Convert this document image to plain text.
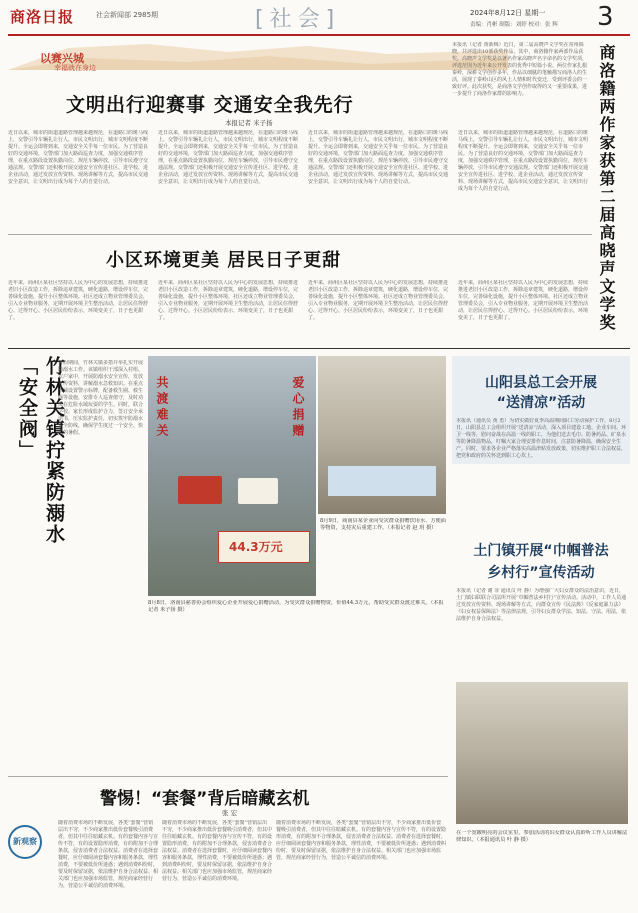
商洛日报	社会新闻部 2985期	[社会]	2024年8月12日 星期一
责编：肖彬 制版：刘婷 校对：张 辉 3
以赛兴城
幸福就在身边
文明出行迎赛事 交通安全我先行
本报记者 米子扬
近日以来，城市的街道道路管理越来越规范，在道路口的斑马线上，交警引导车辆礼让行人，市民文明出行，城市文明程度不断提升。全运会即将到来，交通安全关乎每一位市民。为了营造良好的交通环境，交警部门加大路面巡查力度，加强交通秩序管理，在重点路段设置执勤岗位，规范车辆停放，引导市民遵守交通法规。交警部门还积极开展交通安全宣传进社区、进学校、进企业活动，通过发放宣传资料、现场讲解等方式，提高市民交通安全意识，让文明出行成为每个人的自觉行动。
近日以来，城市的街道道路管理越来越规范，在道路口的斑马线上，交警引导车辆礼让行人，市民文明出行，城市文明程度不断提升。全运会即将到来，交通安全关乎每一位市民。为了营造良好的交通环境，交警部门加大路面巡查力度，加强交通秩序管理，在重点路段设置执勤岗位，规范车辆停放，引导市民遵守交通法规。交警部门还积极开展交通安全宣传进社区、进学校、进企业活动，通过发放宣传资料、现场讲解等方式，提高市民交通安全意识，让文明出行成为每个人的自觉行动。
近日以来，城市的街道道路管理越来越规范，在道路口的斑马线上，交警引导车辆礼让行人，市民文明出行，城市文明程度不断提升。全运会即将到来，交通安全关乎每一位市民。为了营造良好的交通环境，交警部门加大路面巡查力度，加强交通秩序管理，在重点路段设置执勤岗位，规范车辆停放，引导市民遵守交通法规。交警部门还积极开展交通安全宣传进社区、进学校、进企业活动，通过发放宣传资料、现场讲解等方式，提高市民交通安全意识，让文明出行成为每个人的自觉行动。
近日以来，城市的街道道路管理越来越规范，在道路口的斑马线上，交警引导车辆礼让行人，市民文明出行，城市文明程度不断提升。全运会即将到来，交通安全关乎每一位市民。为了营造良好的交通环境，交警部门加大路面巡查力度，加强交通秩序管理，在重点路段设置执勤岗位，规范车辆停放，引导市民遵守交通法规。交警部门还积极开展交通安全宣传进社区、进学校、进企业活动，通过发放宣传资料、现场讲解等方式，提高市民交通安全意识，让文明出行成为每个人的自觉行动。
小区环境更美 居民日子更甜
近年来，商州区某社区坚持以人民为中心的发展思想，持续推进老旧小区改造工作，拆除违章建筑，硬化道路，增设停车位，完善绿化设施，提升小区整体环境。社区还成立物业管理委员会，引入专业物业服务，定期开展环境卫生整治活动，让居民住得舒心、过得开心。小区居民纷纷表示，环境变美了，日子也更甜了。
近年来，商州区某社区坚持以人民为中心的发展思想，持续推进老旧小区改造工作，拆除违章建筑，硬化道路，增设停车位，完善绿化设施，提升小区整体环境。社区还成立物业管理委员会，引入专业物业服务，定期开展环境卫生整治活动，让居民住得舒心、过得开心。小区居民纷纷表示，环境变美了，日子也更甜了。
近年来，商州区某社区坚持以人民为中心的发展思想，持续推进老旧小区改造工作，拆除违章建筑，硬化道路，增设停车位，完善绿化设施，提升小区整体环境。社区还成立物业管理委员会，引入专业物业服务，定期开展环境卫生整治活动，让居民住得舒心、过得开心。小区居民纷纷表示，环境变美了，日子也更甜了。
近年来，商州区某社区坚持以人民为中心的发展思想，持续推进老旧小区改造工作，拆除违章建筑，硬化道路，增设停车位，完善绿化设施，提升小区整体环境。社区还成立物业管理委员会，引入专业物业服务，定期开展环境卫生整治活动，让居民住得舒心、过得开心。小区居民纷纷表示，环境变美了，日子也更甜了。
本报讯（记者 黄新梅）近日，第二届高晓声文学奖在常州揭晓，共评选出10部获奖作品，其中，商洛籍作家两部作品获奖。高晓声文学奖是以著名作家高晓声名字命名的文学奖项，评选范围为近年来公开发表的优秀中短篇小说。两位作家扎根秦岭，深耕文学创作多年，作品以细腻的笔触描写商洛人的生活，展现了秦岭山区的风土人情和时代变迁，受到评委会的一致好评。此次获奖，是商洛文学创作取得的又一重要成果，进一步提升了商洛作家群的影响力。	商洛籍两作家获第二届高晓声文学奖
竹林关镇拧紧防溺水「安全阀」	暑假期间，竹林关镇多措并举扎实开展防溺水工作。该镇组织干部深入村组、农户家中，开展防溺水安全宣传，发放宣传资料，讲解溺水急救知识。在重点水域设置警示标牌，配备救生圈、救生绳等设施，安排专人巡查值守，及时劝离在危险水域玩耍的学生。同时，联合学校、家长形成监护合力，签订安全承诺书，压实监护责任，切实筑牢防溺水安全防线，确保学生度过一个安全、快乐的暑假。	共渡难关	爱心捐赠
44.3万元
8月9日，商南县某企业向受灾群众捐赠饮用水、方便面等物资，支持灾后重建工作。（本报记者 赵 玥 摄）
8月8日，洛南县慈善协会组织爱心企业开展爱心捐赠活动，为受灾群众捐赠物资，价值44.3万元，帮助受灾群众渡过难关。（本报记者 米子扬 摄）
山阳县总工会开展
“送清凉”活动
本报讯（通讯员 黄 勇）为切实做好夏季高温期间职工劳动保护工作，8月2日，山阳县总工会组织开展“送清凉”活动，深入项目建设工地、企业车间、环卫一线等，慰问奋战在高温一线的职工，为他们送去毛巾、防暑药品、矿泉水等防暑降温物品，叮嘱大家合理安排作息时间，注意防暑降温，确保安全生产。同时，要求各企业严格落实高温津贴发放政策，切实维护职工合法权益，把党和政府的关怀送到职工心坎上。
土门镇开展“巾帼普法
乡村行”宣传活动
本报讯（记者 谢 菲 通讯员 叶 静）为增强广大妇女群众的法治意识，近日，土门镇妇联联合司法所开展“巾帼普法乡村行”宣传活动。活动中，工作人员通过发放宣传资料、现场讲解等方式，向群众宣传《民法典》《反家庭暴力法》《妇女权益保障法》等法律法规，引导妇女群众学法、知法、守法、用法，依法维护自身合法权益。
在一个宽敞明亮的会议室里，参加活动的妇女群众认真聆听工作人员讲解法律知识。（本报通讯员 叶 静 摄）
警惕！“套餐”背后暗藏玄机
张 宏
新观察
随着消费市场的不断发展，各类“套餐”营销层出不穷，不少商家推出低价套餐吸引消费者，但其中往往暗藏玄机。有的套餐内容与宣传不符，有的设置隐形消费，有的附加不合理条款，侵害消费者合法权益。消费者在选择套餐时，应仔细阅读套餐内容和服务条款，理性消费，不要被低价所迷惑；遇到消费纠纷时，要及时保留证据，依法维护自身合法权益。相关部门也应加强市场监管，规范商家经营行为，营造公平诚信的消费环境。
随着消费市场的不断发展，各类“套餐”营销层出不穷，不少商家推出低价套餐吸引消费者，但其中往往暗藏玄机。有的套餐内容与宣传不符，有的设置隐形消费，有的附加不合理条款，侵害消费者合法权益。消费者在选择套餐时，应仔细阅读套餐内容和服务条款，理性消费，不要被低价所迷惑；遇到消费纠纷时，要及时保留证据，依法维护自身合法权益。相关部门也应加强市场监管，规范商家经营行为，营造公平诚信的消费环境。
随着消费市场的不断发展，各类“套餐”营销层出不穷，不少商家推出低价套餐吸引消费者，但其中往往暗藏玄机。有的套餐内容与宣传不符，有的设置隐形消费，有的附加不合理条款，侵害消费者合法权益。消费者在选择套餐时，应仔细阅读套餐内容和服务条款，理性消费，不要被低价所迷惑；遇到消费纠纷时，要及时保留证据，依法维护自身合法权益。相关部门也应加强市场监管，规范商家经营行为，营造公平诚信的消费环境。
